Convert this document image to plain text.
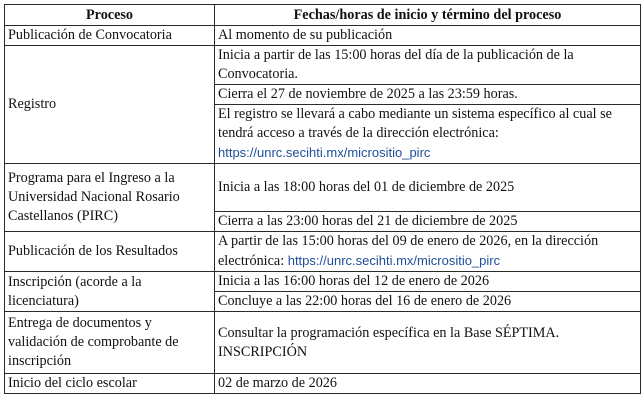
Proceso	Fechas/horas de inicio y término del proceso
Publicación de Convocatoria	Al momento de su publicación
Registro	Inicia a partir de las 15:00 horas del día de la publicación de la Convocatoria.
	Cierra el 27 de noviembre de 2025 a las 23:59 horas.
	El registro se llevará a cabo mediante un sistema específico al cual se tendrá acceso a través de la dirección electrónica:
https://unrc.secihti.mx/micrositio_pirc
Programa para el Ingreso a la Universidad Nacional Rosario Castellanos (PIRC)	Inicia a las 18:00 horas del 01 de diciembre de 2025
	Cierra a las 23:00 horas del 21 de diciembre de 2025
Publicación de los Resultados	A partir de las 15:00 horas del 09 de enero de 2026, en la dirección electrónica: https://unrc.secihti.mx/micrositio_pirc
Inscripción (acorde a la licenciatura)	Inicia a las 16:00 horas del 12 de enero de 2026
	Concluye a las 22:00 horas del 16 de enero de 2026
Entrega de documentos y validación de comprobante de inscripción	Consultar la programación específica en la Base SÉPTIMA. INSCRIPCIÓN
Inicio del ciclo escolar	02 de marzo de 2026
